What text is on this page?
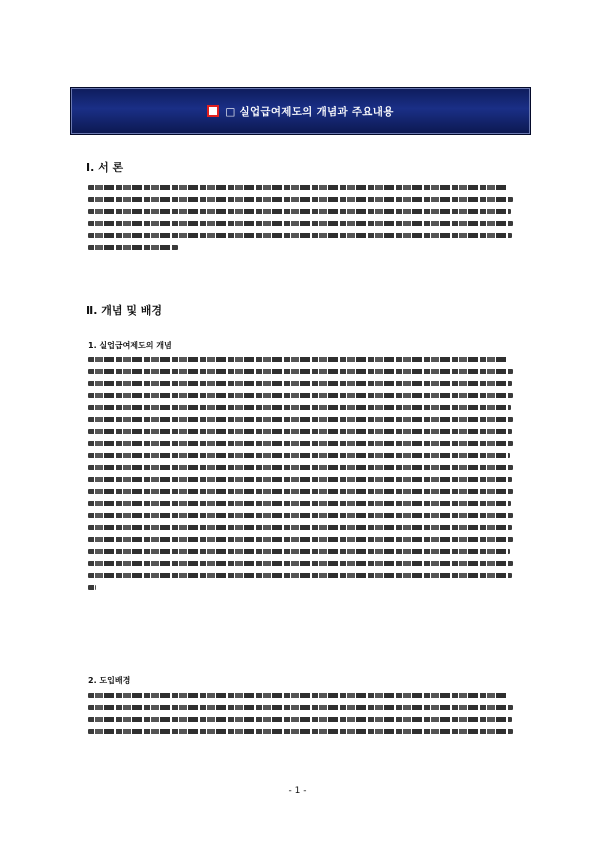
□ 실업급여제도의 개념과 주요내용
Ⅰ. 서 론
Ⅱ. 개념 및 배경
1. 실업급여제도의 개념
2. 도입배경
- 1 -
